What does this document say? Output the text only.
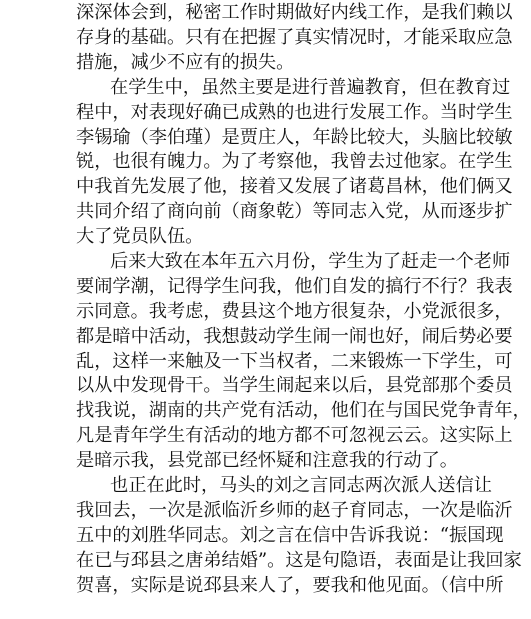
深深体会到，秘密工作时期做好内线工作，是我们赖以
存身的基础。只有在把握了真实情况时，才能采取应急
措施，减少不应有的损失。
在学生中，虽然主要是进行普遍教育，但在教育过
程中，对表现好确已成熟的也进行发展工作。当时学生
李锡瑜（李伯瑾）是贾庄人，年龄比较大，头脑比较敏
锐，也很有魄力。为了考察他，我曾去过他家。在学生
中我首先发展了他，接着又发展了诸葛昌林，他们俩又
共同介绍了商向前（商象乾）等同志入党，从而逐步扩
大了党员队伍。
后来大致在本年五六月份，学生为了赶走一个老师
要闹学潮，记得学生问我，他们自发的搞行不行？我表
示同意。我考虑，费县这个地方很复杂，小党派很多，
都是暗中活动，我想鼓动学生闹一闹也好，闹后势必要
乱，这样一来触及一下当权者，二来锻炼一下学生，可
以从中发现骨干。当学生闹起来以后，县党部那个委员
找我说，湖南的共产党有活动，他们在与国民党争青年，
凡是青年学生有活动的地方都不可忽视云云。这实际上
是暗示我，县党部已经怀疑和注意我的行动了。
也正在此时，马头的刘之言同志两次派人送信让
我回去，一次是派临沂乡师的赵子育同志，一次是临沂
五中的刘胜华同志。刘之言在信中告诉我说：“振国现
在已与邳县之唐弟结婚”。这是句隐语，表面是让我回家
贺喜，实际是说邳县来人了，要我和他见面。（信中所
